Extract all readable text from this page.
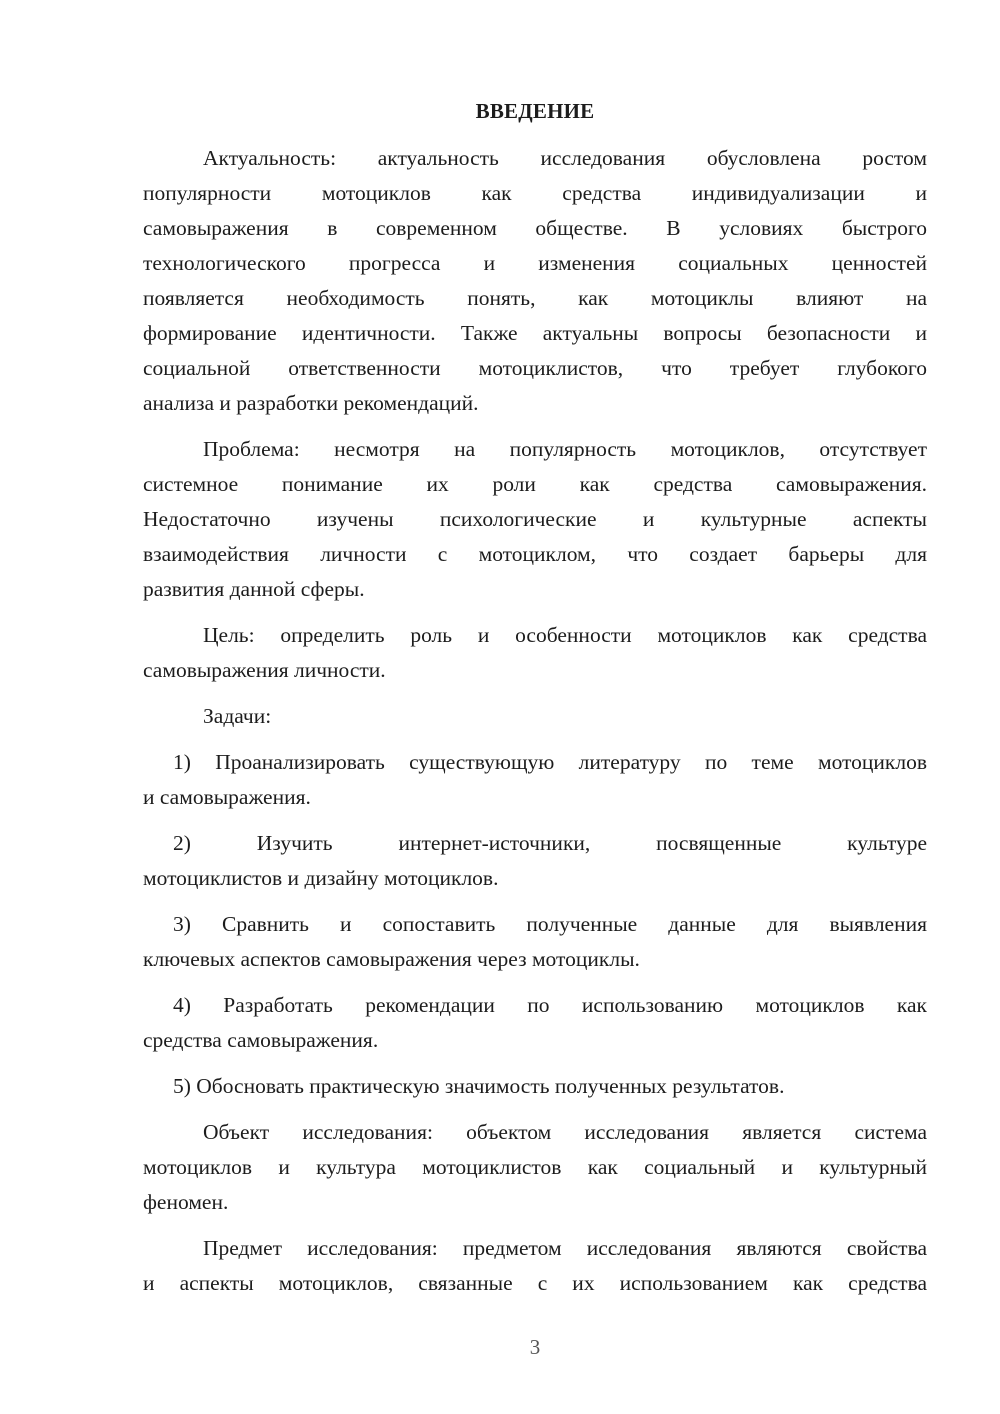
ВВЕДЕНИЕ
Актуальность: актуальность исследования обусловлена ростом
популярности мотоциклов как средства индивидуализации и
самовыражения в современном обществе. В условиях быстрого
технологического прогресса и изменения социальных ценностей
появляется необходимость понять, как мотоциклы влияют на
формирование идентичности. Также актуальны вопросы безопасности и
социальной ответственности мотоциклистов, что требует глубокого
анализа и разработки рекомендаций.
Проблема: несмотря на популярность мотоциклов, отсутствует
системное понимание их роли как средства самовыражения.
Недостаточно изучены психологические и культурные аспекты
взаимодействия личности с мотоциклом, что создает барьеры для
развития данной сферы.
Цель: определить роль и особенности мотоциклов как средства
самовыражения личности.
Задачи:
1) Проанализировать существующую литературу по теме мотоциклов
и самовыражения.
2) Изучить интернет-источники, посвященные культуре
мотоциклистов и дизайну мотоциклов.
3) Сравнить и сопоставить полученные данные для выявления
ключевых аспектов самовыражения через мотоциклы.
4) Разработать рекомендации по использованию мотоциклов как
средства самовыражения.
5) Обосновать практическую значимость полученных результатов.
Объект исследования: объектом исследования является система
мотоциклов и культура мотоциклистов как социальный и культурный
феномен.
Предмет исследования: предметом исследования являются свойства
и аспекты мотоциклов, связанные с их использованием как средства
3
